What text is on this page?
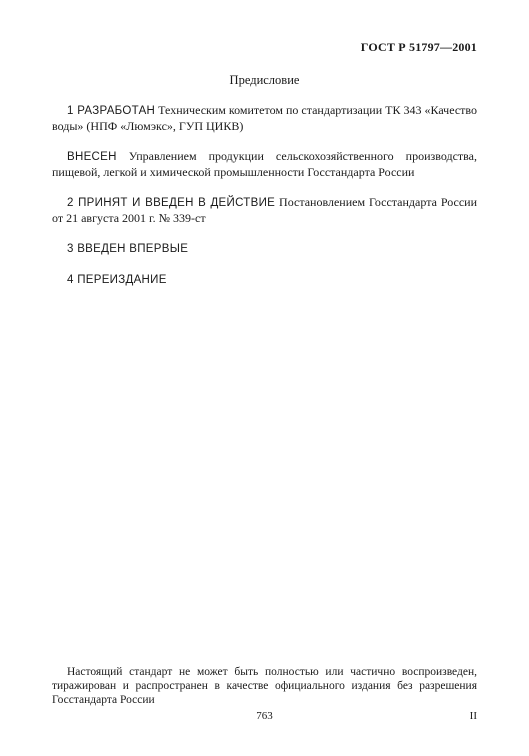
ГОСТ Р 51797—2001
Предисловие

1 РАЗРАБОТАН Техническим комитетом по стандартизации ТК 343 «Качество воды» (НПФ «Люмэкс», ГУП ЦИКВ)

ВНЕСЕН Управлением продукции сельскохозяйственного производства, пищевой, легкой и химической промышленности Госстандарта России

2 ПРИНЯТ И ВВЕДЕН В ДЕЙСТВИЕ Постановлением Госстандарта России от 21 августа 2001 г. № 339-ст

3 ВВЕДЕН ВПЕРВЫЕ

4 ПЕРЕИЗДАНИЕ

Настоящий стандарт не может быть полностью или частично воспроизведен, тиражирован и распространен в качестве официального издания без разрешения Госстандарта России
763	II
